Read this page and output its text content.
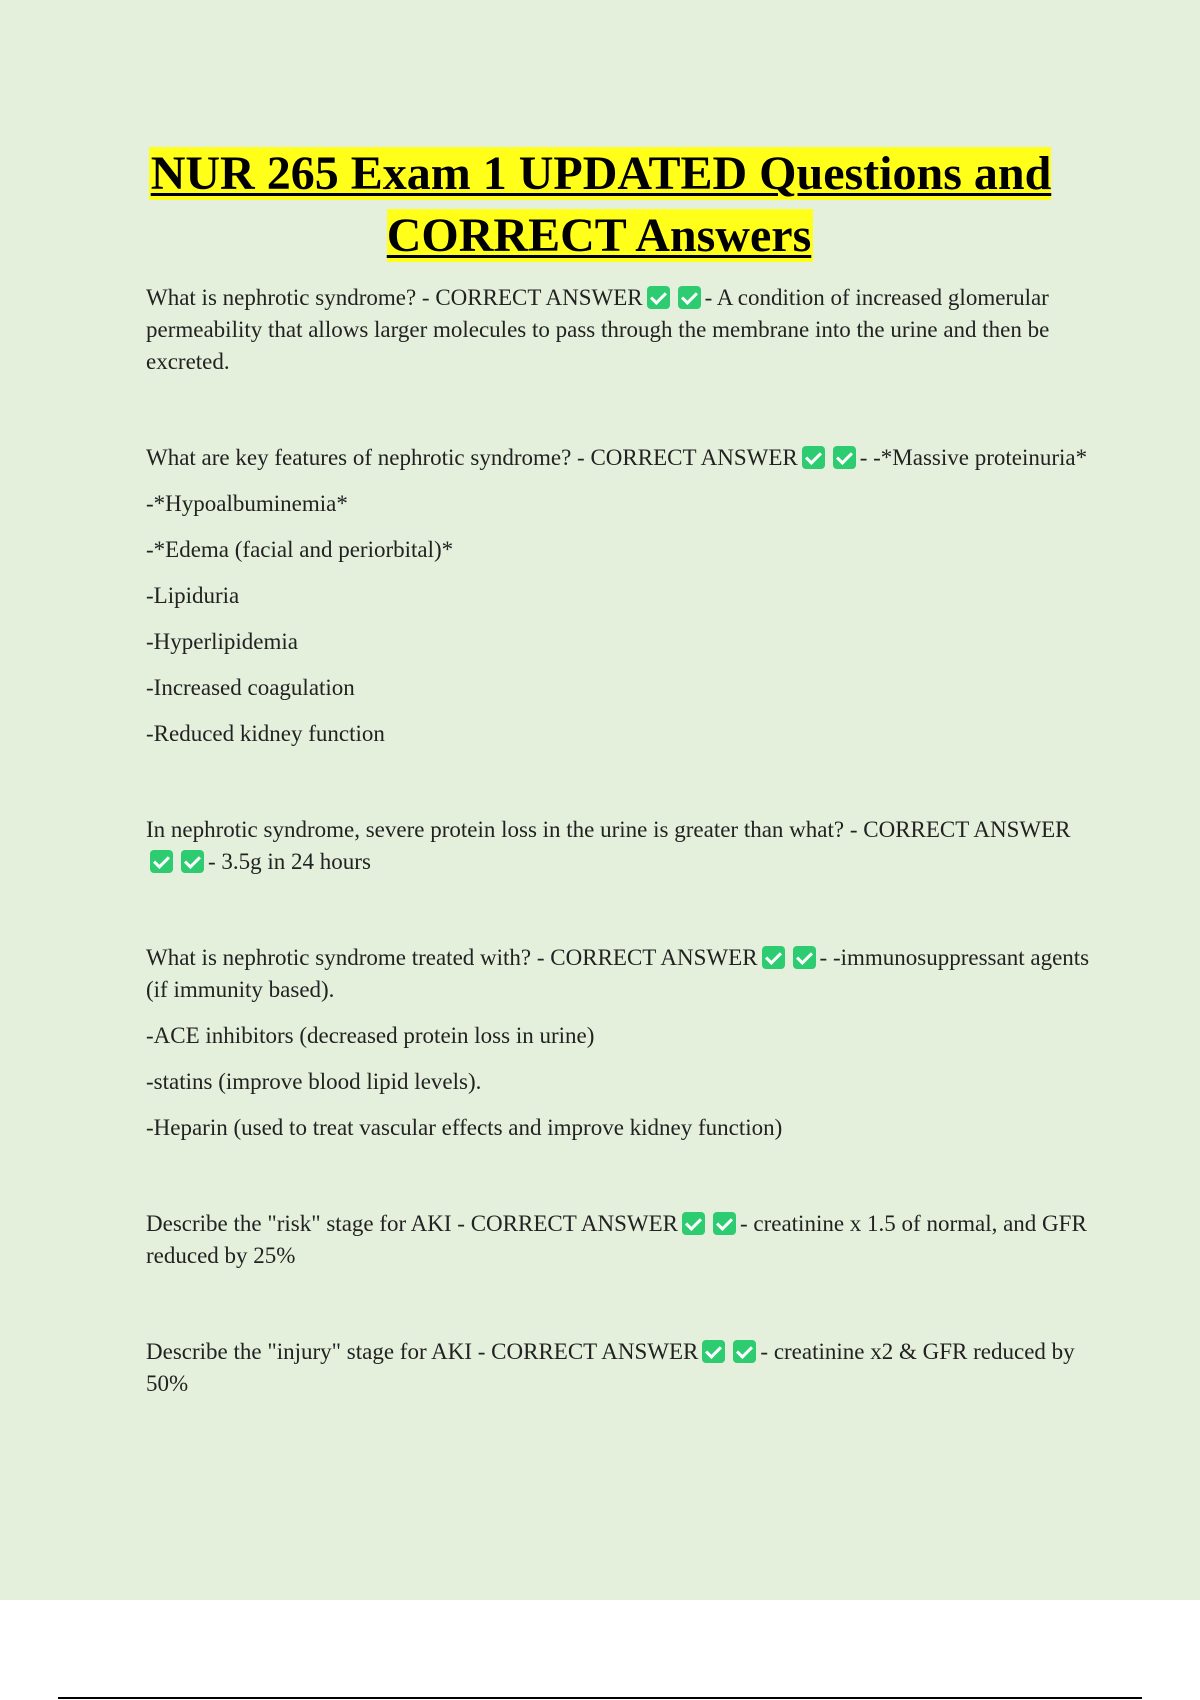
NUR 265 Exam 1 UPDATED Questions and CORRECT Answers
What is nephrotic syndrome? - CORRECT ANSWER	- A condition of increased glomerular permeability that allows larger molecules to pass through the membrane into the urine and then be excreted.
What are key features of nephrotic syndrome? - CORRECT ANSWER	- -*Massive proteinuria*
-*Hypoalbuminemia*
-*Edema (facial and periorbital)*
-Lipiduria
-Hyperlipidemia
-Increased coagulation
-Reduced kidney function
In nephrotic syndrome, severe protein loss in the urine is greater than what? - CORRECT ANSWER- 3.5g in 24 hours
What is nephrotic syndrome treated with? - CORRECT ANSWER	- -immunosuppressant agents (if immunity based).
-ACE inhibitors (decreased protein loss in urine)
-statins (improve blood lipid levels).
-Heparin (used to treat vascular effects and improve kidney function)
Describe the "risk" stage for AKI - CORRECT ANSWER	- creatinine x 1.5 of normal, and GFR reduced by 25%
Describe the "injury" stage for AKI - CORRECT ANSWER	- creatinine x2 & GFR reduced by 50%
